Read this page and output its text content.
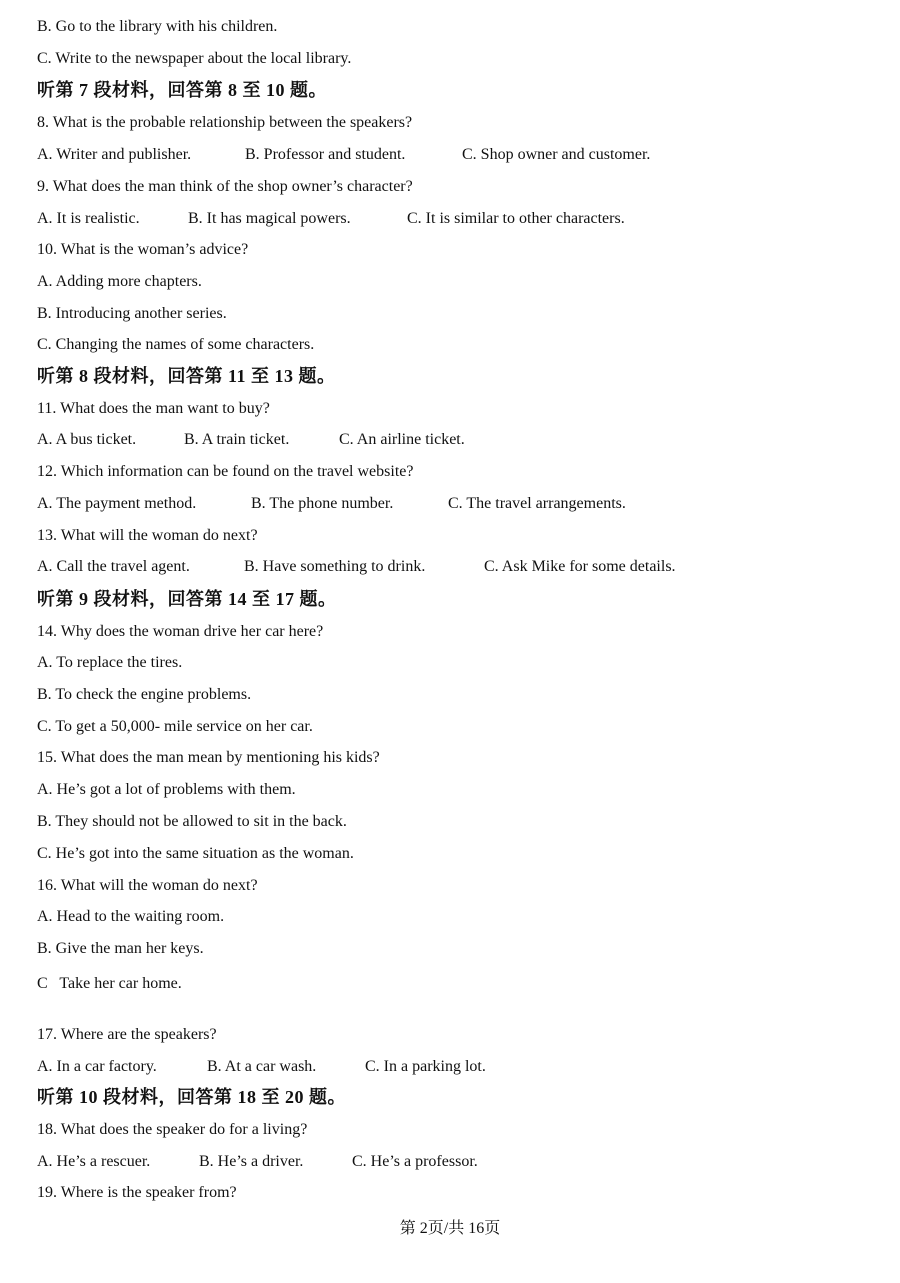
B. Go to the library with his children.
C. Write to the newspaper about the local library.
听第 7 段材料，回答第 8 至 10 题。
8. What is the probable relationship between the speakers?
A. Writer and publisher.	B. Professor and student.	C. Shop owner and customer.
9. What does the man think of the shop owner’s character?
A. It is realistic.	B. It has magical powers.	C. It is similar to other characters.
10. What is the woman’s advice?
A. Adding more chapters.
B. Introducing another series.
C. Changing the names of some characters.
听第 8 段材料，回答第 11 至 13 题。
11. What does the man want to buy?
A. A bus ticket.	B. A train ticket.	C. An airline ticket.
12. Which information can be found on the travel website?
A. The payment method.	B. The phone number.	C. The travel arrangements.
13. What will the woman do next?
A. Call the travel agent.	B. Have something to drink.	C. Ask Mike for some details.
听第 9 段材料，回答第 14 至 17 题。
14. Why does the woman drive her car here?
A. To replace the tires.
B. To check the engine problems.
C. To get a 50,000- mile service on her car.
15. What does the man mean by mentioning his kids?
A. He’s got a lot of problems with them.
B. They should not be allowed to sit in the back.
C. He’s got into the same situation as the woman.
16. What will the woman do next?
A. Head to the waiting room.
B. Give the man her keys.
C   Take her car home.
17. Where are the speakers?
A. In a car factory.	B. At a car wash.	C. In a parking lot.
听第 10 段材料，回答第 18 至 20 题。
18. What does the speaker do for a living?
A. He’s a rescuer.	B. He’s a driver.	C. He’s a professor.
19. Where is the speaker from?
第 2页/共 16页
